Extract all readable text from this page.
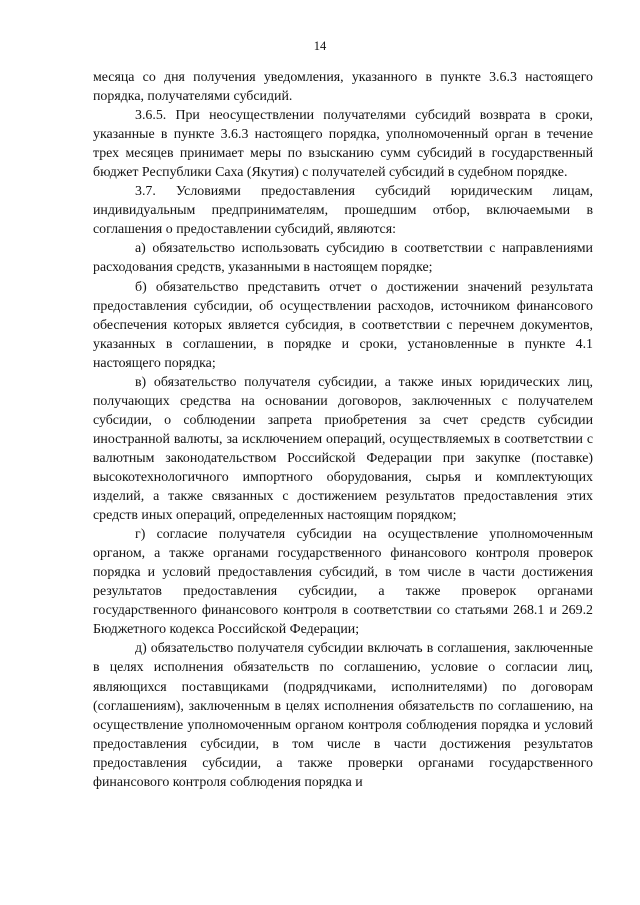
14

месяца со дня получения уведомления, указанного в пункте 3.6.3 настоящего порядка, получателями субсидий.

3.6.5. При неосуществлении получателями субсидий возврата в сроки, указанные в пункте 3.6.3 настоящего порядка, уполномоченный орган в течение трех месяцев принимает меры по взысканию сумм субсидий в государственный бюджет Республики Саха (Якутия) с получателей субсидий в судебном порядке.

3.7. Условиями предоставления субсидий юридическим лицам, индивидуальным предпринимателям, прошедшим отбор, включаемыми в соглашения о предоставлении субсидий, являются:

а) обязательство использовать субсидию в соответствии с направлениями расходования средств, указанными в настоящем порядке;

б) обязательство представить отчет о достижении значений результата предоставления субсидии, об осуществлении расходов, источником финансового обеспечения которых является субсидия, в соответствии с перечнем документов, указанных в соглашении, в порядке и сроки, установленные в пункте 4.1 настоящего порядка;

в) обязательство получателя субсидии, а также иных юридических лиц, получающих средства на основании договоров, заключенных с получателем субсидии, о соблюдении запрета приобретения за счет средств субсидии иностранной валюты, за исключением операций, осуществляемых в соответствии с валютным законодательством Российской Федерации при закупке (поставке) высокотехнологичного импортного оборудования, сырья и комплектующих изделий, а также связанных с достижением результатов предоставления этих средств иных операций, определенных настоящим порядком;

г) согласие получателя субсидии на осуществление уполномоченным органом, а также органами государственного финансового контроля проверок порядка и условий предоставления субсидий, в том числе в части достижения результатов предоставления субсидии, а также проверок органами государственного финансового контроля в соответствии со статьями 268.1 и 269.2 Бюджетного кодекса Российской Федерации;

д) обязательство получателя субсидии включать в соглашения, заключенные в целях исполнения обязательств по соглашению, условие о согласии лиц, являющихся поставщиками (подрядчиками, исполнителями) по договорам (соглашениям), заключенным в целях исполнения обязательств по соглашению, на осуществление уполномоченным органом контроля соблюдения порядка и условий предоставления субсидии, в том числе в части достижения результатов предоставления субсидии, а также проверки органами государственного финансового контроля соблюдения порядка и
